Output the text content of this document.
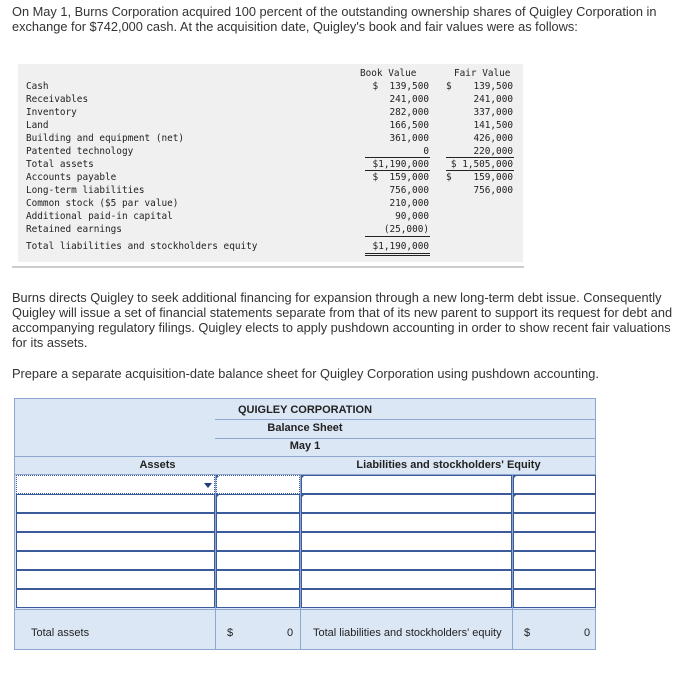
On May 1, Burns Corporation acquired 100 percent of the outstanding ownership shares of Quigley Corporation in exchange for $742,000 cash. At the acquisition date, Quigley's book and fair values were as follows:
Book Value	Fair Value
Cash	$  139,500 $ 139,500
Receivables	241,000	241,000
Inventory	282,000	337,000
Land	166,500	141,500
Building and equipment (net)	361,000	426,000
Patented technology	0	220,000
Total assets	$1,190,000 $ 1,505,000
Accounts payable	$  159,000 $ 159,000
Long-term liabilities	756,000	756,000
Common stock ($5 par value)	210,000
Additional paid-in capital	90,000
Retained earnings	(25,000)
Total liabilities and stockholders equity	$1,190,000
Burns directs Quigley to seek additional financing for expansion through a new long-term debt issue. Consequently Quigley will issue a set of financial statements separate from that of its new parent to support its request for debt and accompanying regulatory filings. Quigley elects to apply pushdown accounting in order to show recent fair valuations for its assets.
Prepare a separate acquisition-date balance sheet for Quigley Corporation using pushdown accounting.
QUIGLEY CORPORATION
Balance Sheet
May 1
Assets	Liabilities and stockholders' Equity
Total assets	$	0 Total liabilities and stockholders' equity $	0
